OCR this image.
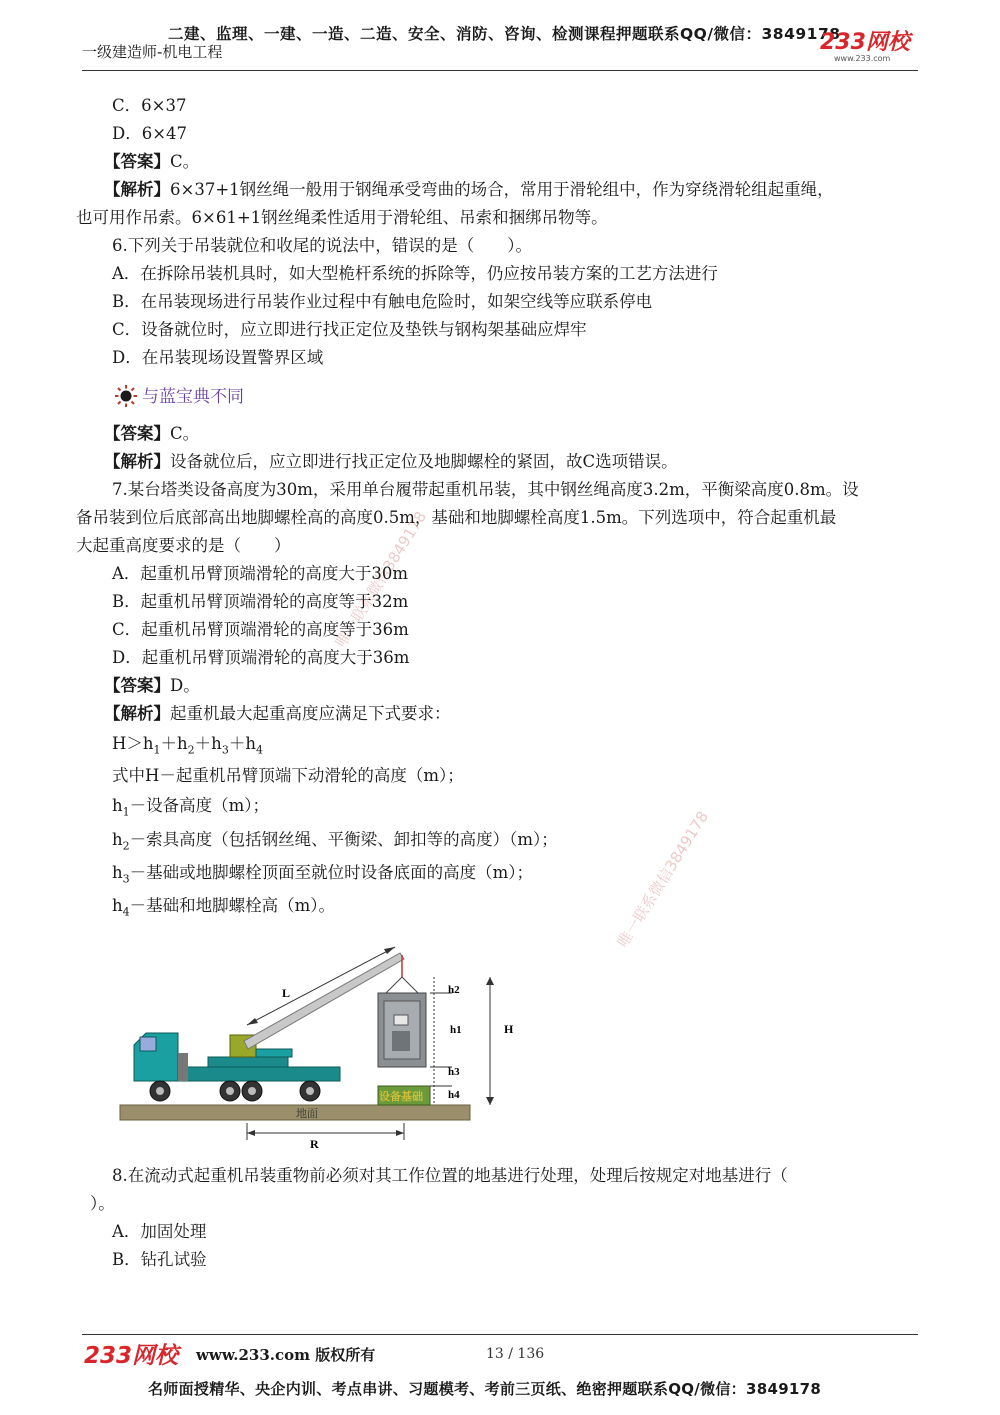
二建、监理、一建、一造、二造、安全、消防、咨询、检测课程押题联系QQ/微信：3849178
一级建造师-机电工程	233网校
www.233.com
唯一联系微信3849178
唯一联系微信3849178
C．6×37
D．6×47
【答案】C。
【解析】6×37+1钢丝绳一般用于钢绳承受弯曲的场合，常用于滑轮组中，作为穿绕滑轮组起重绳，
也可用作吊索。6×61+1钢丝绳柔性适用于滑轮组、吊索和捆绑吊物等。
6.下列关于吊装就位和收尾的说法中，错误的是（　　）。
A．在拆除吊装机具时，如大型桅杆系统的拆除等，仍应按吊装方案的工艺方法进行
B．在吊装现场进行吊装作业过程中有触电危险时，如架空线等应联系停电
C．设备就位时，应立即进行找正定位及垫铁与钢构架基础应焊牢
D．在吊装现场设置警界区域
与蓝宝典不同
【答案】C。
【解析】设备就位后，应立即进行找正定位及地脚螺栓的紧固，故C选项错误。
7.某台塔类设备高度为30m，采用单台履带起重机吊装，其中钢丝绳高度3.2m，平衡梁高度0.8m。设
备吊装到位后底部高出地脚螺栓高的高度0.5m，基础和地脚螺栓高度1.5m。下列选项中，符合起重机最
大起重高度要求的是（　　）
A．起重机吊臂顶端滑轮的高度大于30m
B．起重机吊臂顶端滑轮的高度等于32m
C．起重机吊臂顶端滑轮的高度等于36m
D．起重机吊臂顶端滑轮的高度大于36m
【答案】D。
【解析】起重机最大起重高度应满足下式要求：
$H>h_1+h_2+h_3+h_4$
式中H－起重机吊臂顶端下动滑轮的高度（m）；
$h_1-$设备高度（m）；
$h_2-$索具高度（包括钢丝绳、平衡梁、卸扣等的高度）（m）；
$h_3-$基础或地脚螺栓顶面至就位时设备底面的高度（m）；
$h_4-$基础和地脚螺栓高（m）。
8.在流动式起重机吊装重物前必须对其工作位置的地基进行处理，处理后按规定对地基进行（
）。
A．加固处理
B．钻孔试验
地面
R
L
设备基础
h2
h1
h3
h4
H
233网校 www.233.com 版权所有	13 / 136
名师面授精华、央企内训、考点串讲、习题模考、考前三页纸、绝密押题联系QQ/微信：3849178
